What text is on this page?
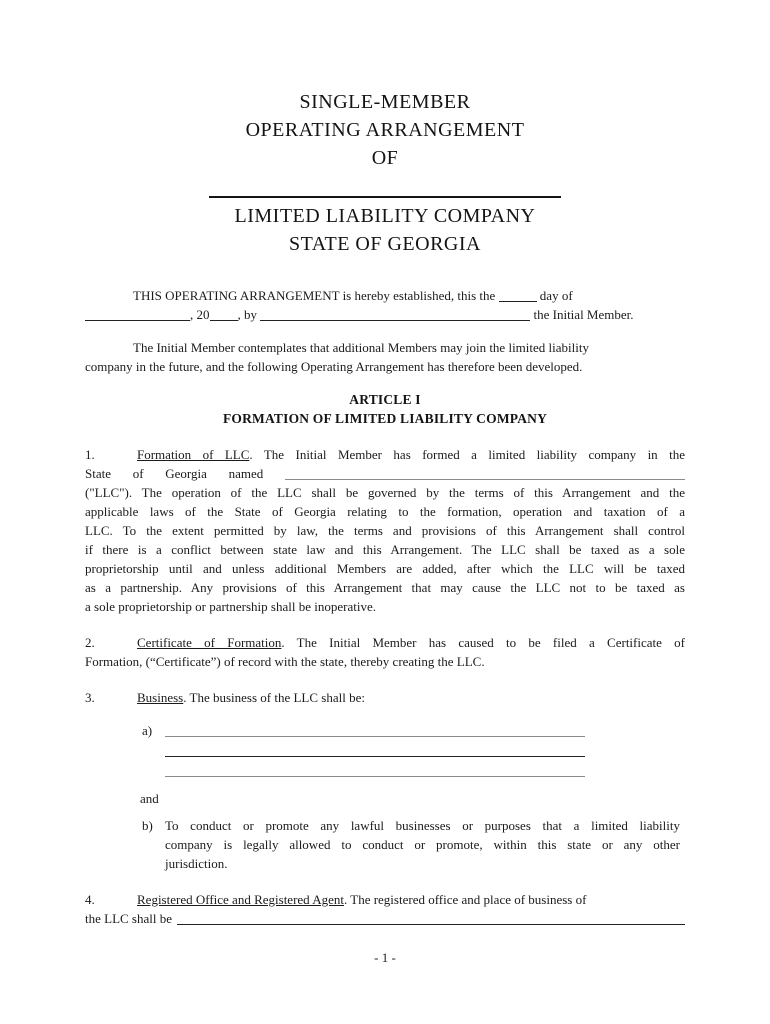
SINGLE-MEMBER
OPERATING ARRANGEMENT
OF
LIMITED LIABILITY COMPANY
STATE OF GEORGIA
THIS OPERATING ARRANGEMENT is hereby established, this the	day of
, 20 , by	the Initial Member.
The Initial Member contemplates that additional Members may join the limited liability
company in the future, and the following Operating Arrangement has therefore been developed.
ARTICLE I
FORMATION OF LIMITED LIABILITY COMPANY
1.	Formation of LLC. The Initial Member has formed a limited liability company in the
State of Georgia named
("LLC"). The operation of the LLC shall be governed by the terms of this Arrangement and the
applicable laws of the State of Georgia relating to the formation, operation and taxation of a
LLC. To the extent permitted by law, the terms and provisions of this Arrangement shall control
if there is a conflict between state law and this Arrangement. The LLC shall be taxed as a sole
proprietorship until and unless additional Members are added, after which the LLC will be taxed
as a partnership. Any provisions of this Arrangement that may cause the LLC not to be taxed as
a sole proprietorship or partnership shall be inoperative.
2.	Certificate of Formation. The Initial Member has caused to be filed a Certificate of
Formation, (“Certificate”) of record with the state, thereby creating the LLC.
3.	Business. The business of the LLC shall be:
a)
and
b) To conduct or promote any lawful businesses or purposes that a limited liability
company is legally allowed to conduct or promote, within this state or any other
jurisdiction.
4.	Registered Office and Registered Agent. The registered office and place of business of
the LLC shall be
- 1 -
